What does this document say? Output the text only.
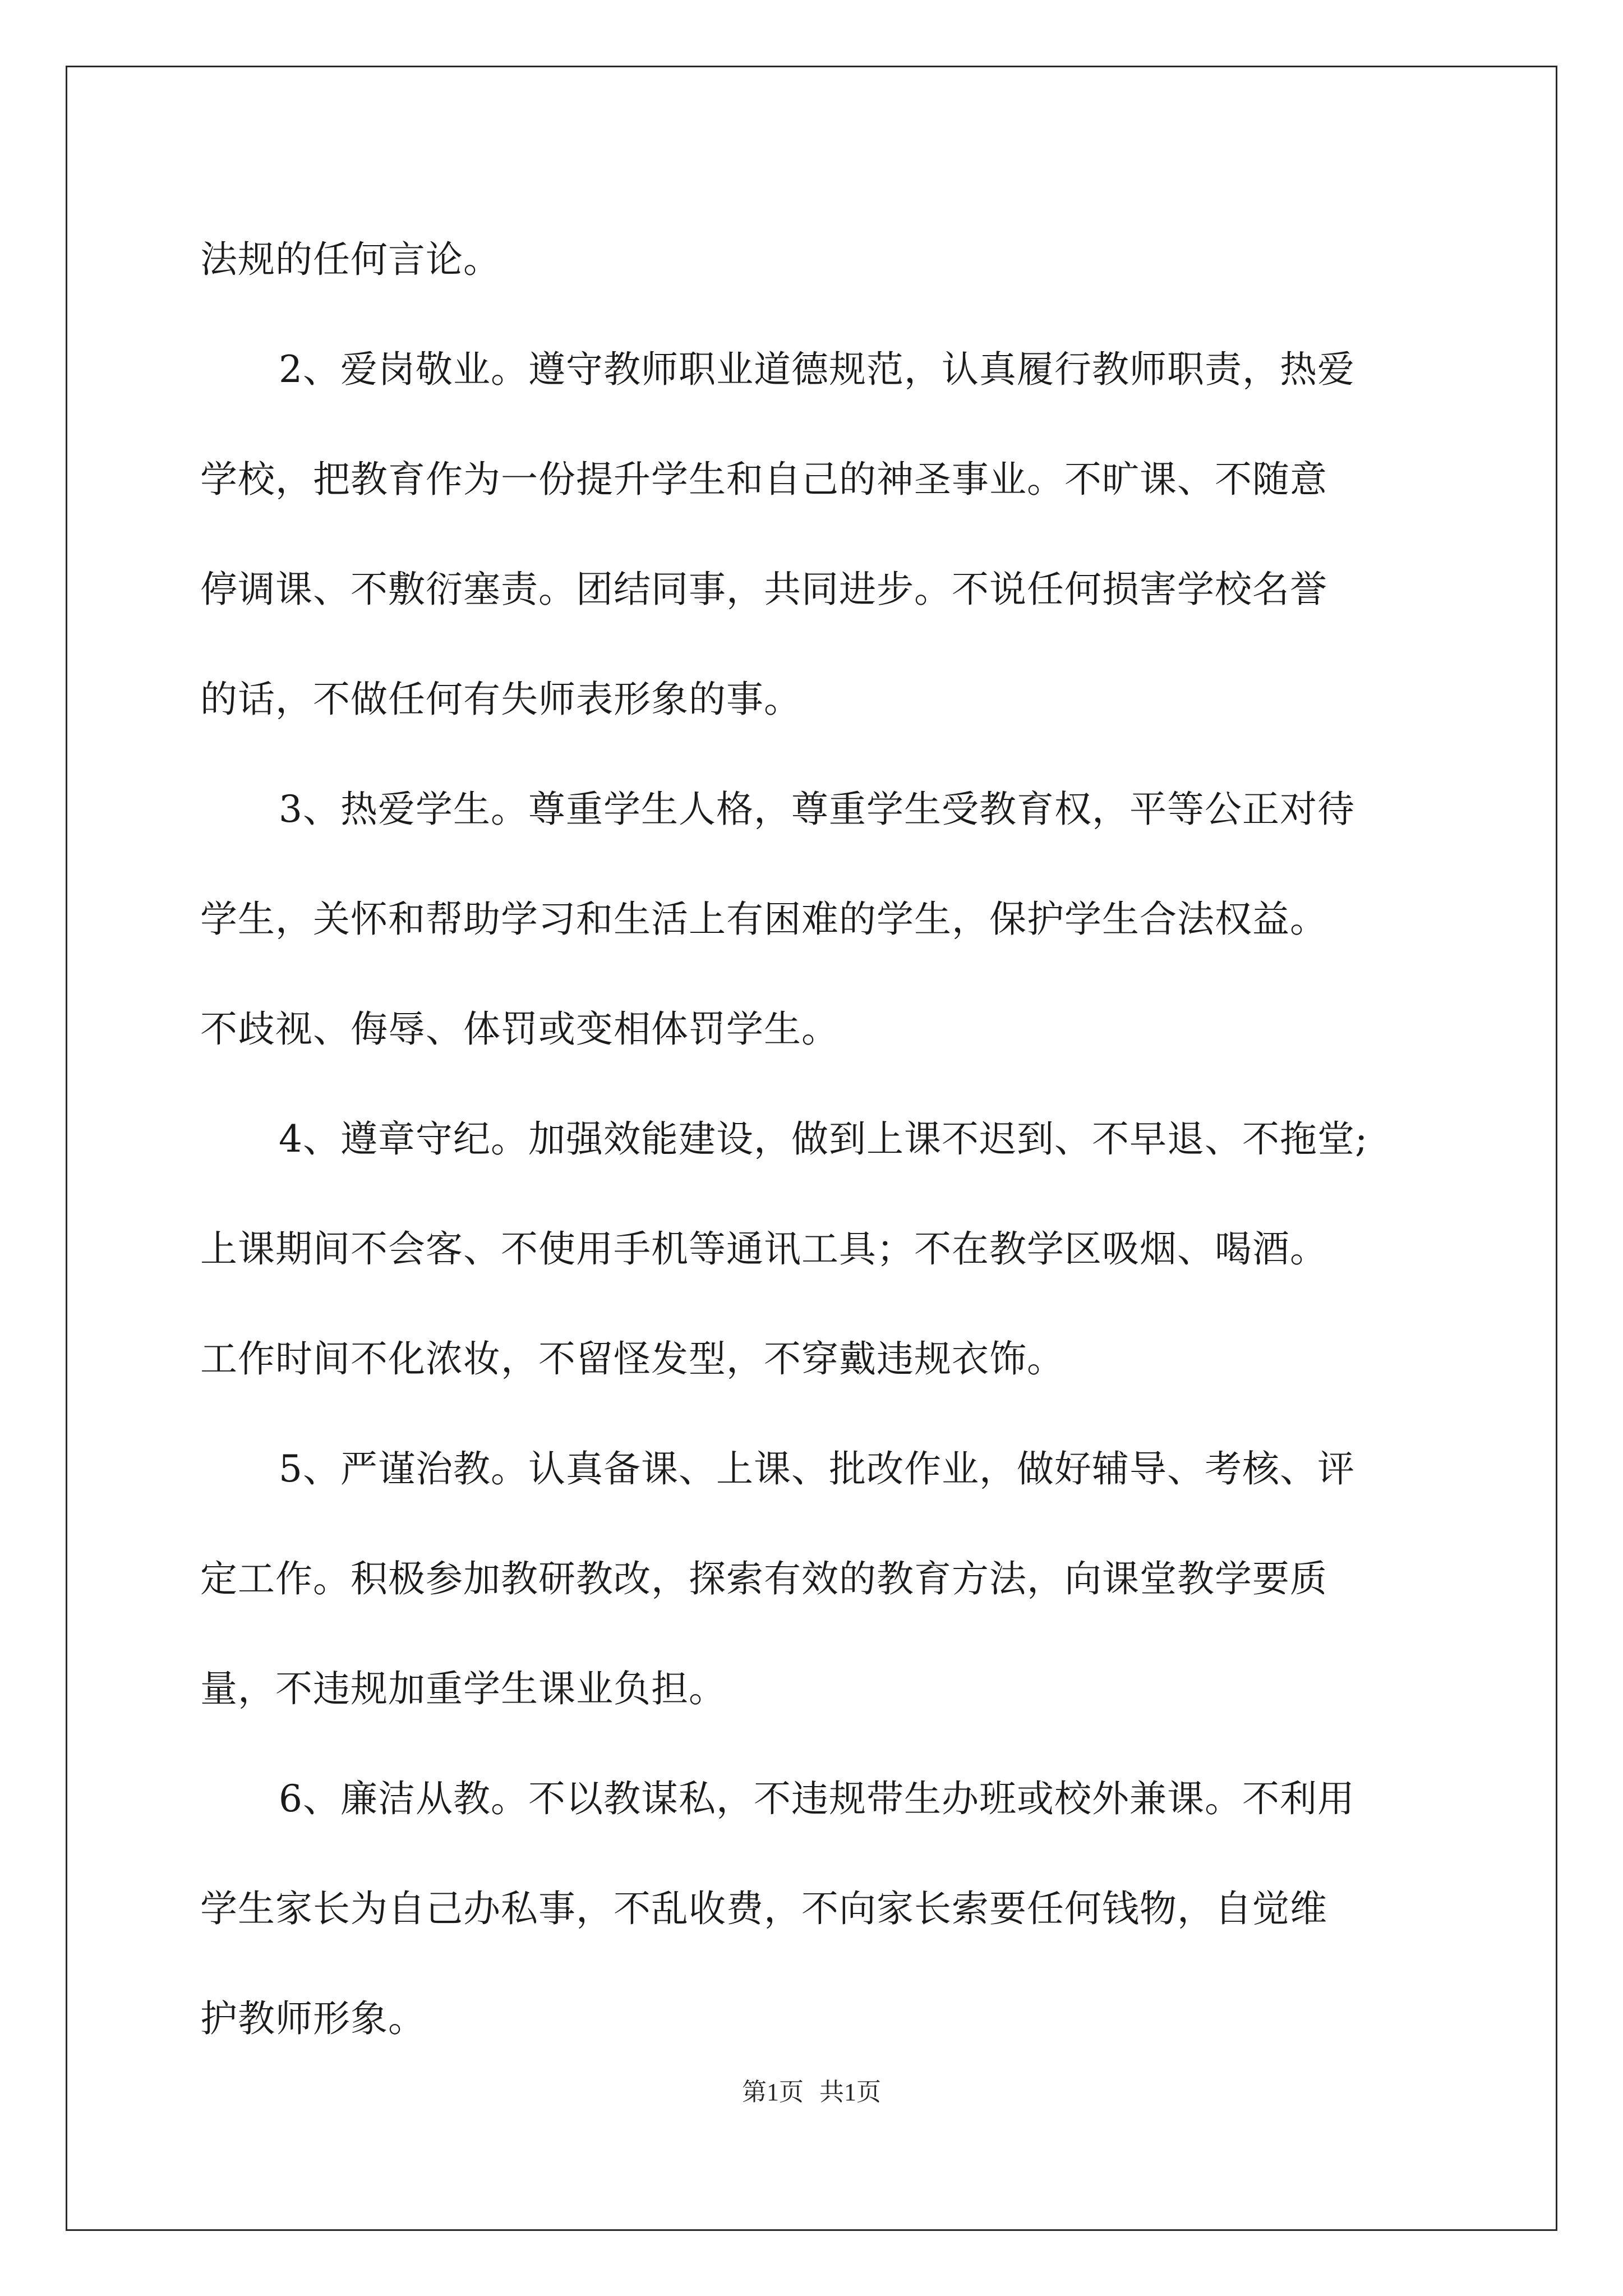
法规的任何言论。

2、爱岗敬业。遵守教师职业道德规范，认真履行教师职责，热爱
学校，把教育作为一份提升学生和自己的神圣事业。不旷课、不随意
停调课、不敷衍塞责。团结同事，共同进步。不说任何损害学校名誉
的话，不做任何有失师表形象的事。

3、热爱学生。尊重学生人格，尊重学生受教育权，平等公正对待
学生，关怀和帮助学习和生活上有困难的学生，保护学生合法权益。
不歧视、侮辱、体罚或变相体罚学生。

4、遵章守纪。加强效能建设，做到上课不迟到、不早退、不拖堂;
上课期间不会客、不使用手机等通讯工具；不在教学区吸烟、喝酒。
工作时间不化浓妆，不留怪发型，不穿戴违规衣饰。

5、严谨治教。认真备课、上课、批改作业，做好辅导、考核、评
定工作。积极参加教研教改，探索有效的教育方法，向课堂教学要质
量，不违规加重学生课业负担。

6、廉洁从教。不以教谋私，不违规带生办班或校外兼课。不利用
学生家长为自己办私事，不乱收费，不向家长索要任何钱物，自觉维
护教师形象。

第1页 共1页
